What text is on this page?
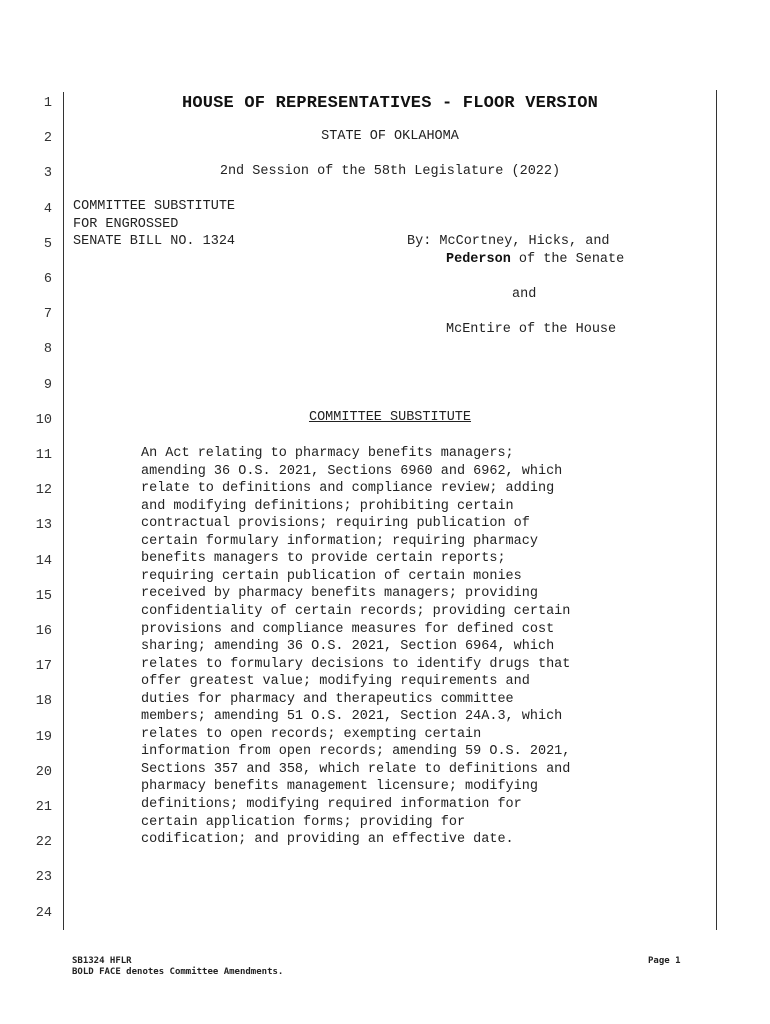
1
2
3
4
5
6
7
8
9
10
11
12
13
14
15
16
17
18
19
20
21
22
23
24
HOUSE OF REPRESENTATIVES - FLOOR VERSION
STATE OF OKLAHOMA
2nd Session of the 58th Legislature (2022)
COMMITTEE SUBSTITUTE
FOR ENGROSSED
SENATE BILL NO. 1324	By: McCortney, Hicks, and
Pederson of the Senate
and
McEntire of the House
COMMITTEE SUBSTITUTE
An Act relating to pharmacy benefits managers;
amending 36 O.S. 2021, Sections 6960 and 6962, which
relate to definitions and compliance review; adding
and modifying definitions; prohibiting certain
contractual provisions; requiring publication of
certain formulary information; requiring pharmacy
benefits managers to provide certain reports;
requiring certain publication of certain monies
received by pharmacy benefits managers; providing
confidentiality of certain records; providing certain
provisions and compliance measures for defined cost
sharing; amending 36 O.S. 2021, Section 6964, which
relates to formulary decisions to identify drugs that
offer greatest value; modifying requirements and
duties for pharmacy and therapeutics committee
members; amending 51 O.S. 2021, Section 24A.3, which
relates to open records; exempting certain
information from open records; amending 59 O.S. 2021,
Sections 357 and 358, which relate to definitions and
pharmacy benefits management licensure; modifying
definitions; modifying required information for
certain application forms; providing for
codification; and providing an effective date.
SB1324 HFLR
BOLD FACE denotes Committee Amendments.
Page 1
